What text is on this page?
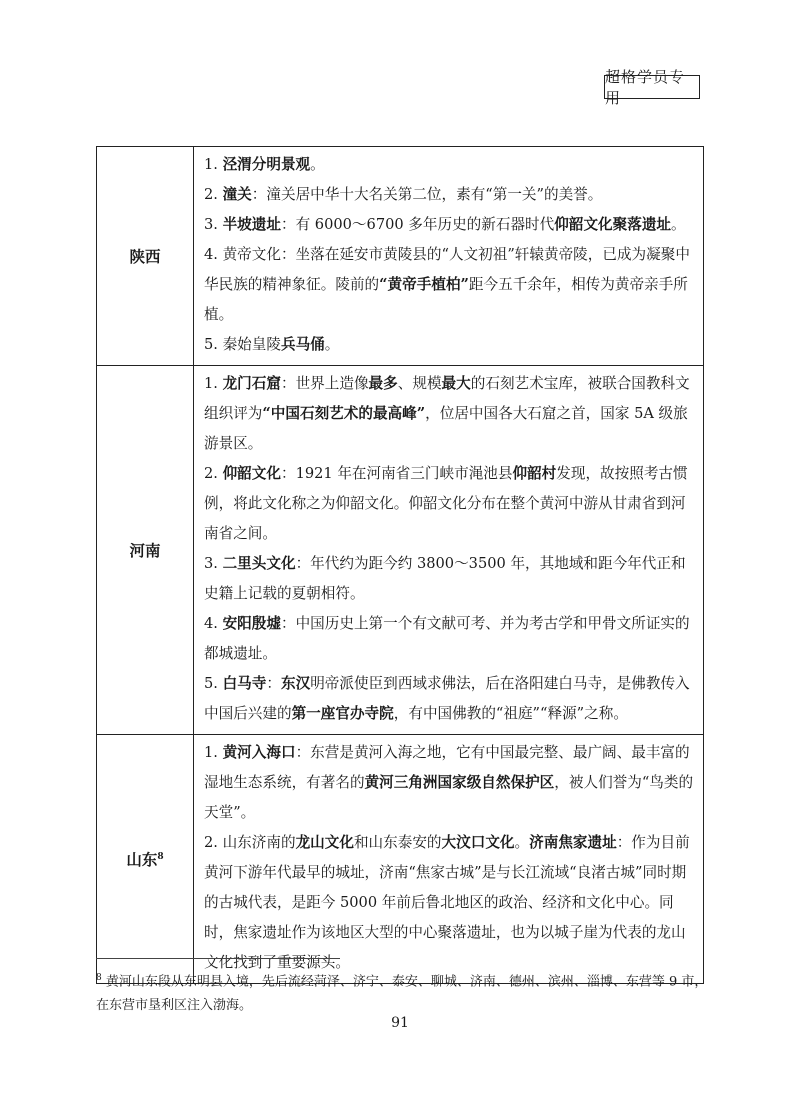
超格学员专用
陕西	1. 泾渭分明景观。

2. 潼关：潼关居中华十大名关第二位，素有“第一关”的美誉。

3. 半坡遗址：有 6000～6700 多年历史的新石器时代仰韶文化聚落遗址。

4. 黄帝文化：坐落在延安市黄陵县的“人文初祖”轩辕黄帝陵，已成为凝聚中华民族的精神象征。陵前的“黄帝手植柏”距今五千余年，相传为黄帝亲手所植。

5. 秦始皇陵兵马俑。

河南	1. 龙门石窟：世界上造像最多、规模最大的石刻艺术宝库，被联合国教科文组织评为“中国石刻艺术的最高峰”，位居中国各大石窟之首，国家 5A 级旅游景区。

2. 仰韶文化：1921 年在河南省三门峡市渑池县仰韶村发现，故按照考古惯例，将此文化称之为仰韶文化。仰韶文化分布在整个黄河中游从甘肃省到河南省之间。

3. 二里头文化：年代约为距今约 3800～3500 年，其地域和距今年代正和史籍上记载的夏朝相符。

4. 安阳殷墟：中国历史上第一个有文献可考、并为考古学和甲骨文所证实的都城遗址。

5. 白马寺：东汉明帝派使臣到西域求佛法，后在洛阳建白马寺，是佛教传入中国后兴建的第一座官办寺院，有中国佛教的“祖庭”“释源”之称。

山东$^8$	1. 黄河入海口：东营是黄河入海之地，它有中国最完整、最广阔、最丰富的湿地生态系统，有著名的黄河三角洲国家级自然保护区，被人们誉为“鸟类的天堂”。

2. 山东济南的龙山文化和山东泰安的大汶口文化。济南焦家遗址：作为目前黄河下游年代最早的城址，济南“焦家古城”是与长江流域“良渚古城”同时期的古城代表，是距今 5000 年前后鲁北地区的政治、经济和文化中心。同时，焦家遗址作为该地区大型的中心聚落遗址，也为以城子崖为代表的龙山文化找到了重要源头。

$^8$ 黄河山东段从东明县入境，先后流经菏泽、济宁、泰安、聊城、济南、德州、滨州、淄博、东营等 9 市，在东营市垦利区注入渤海。
91
